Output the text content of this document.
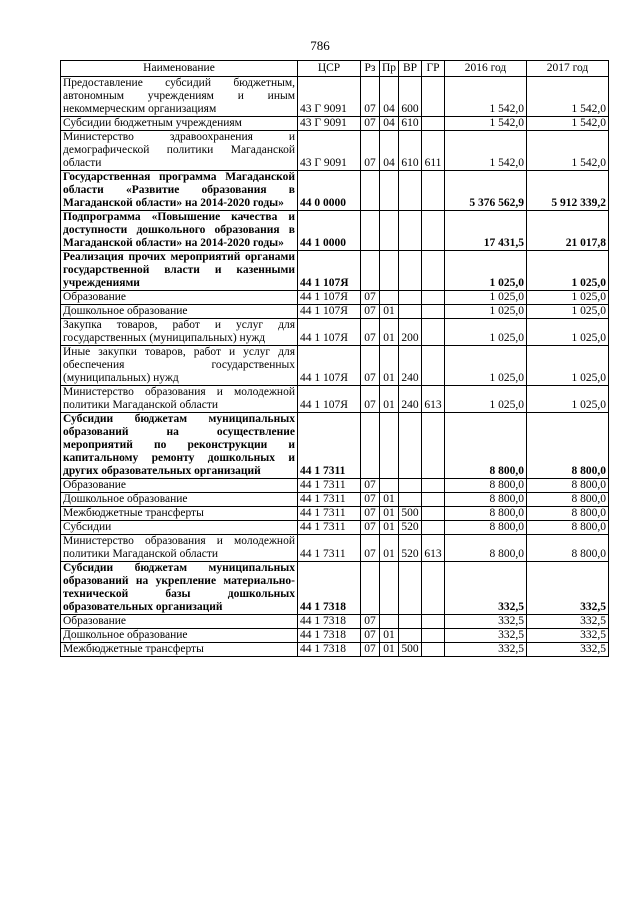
786
Наименование	ЦСР	Рз	Пр	ВР	ГР	2016 год	2017 год
Предоставление субсидий бюджетным, автономным учреждениям и иным некоммерческим организациям	43 Г 9091	07	04	600		1 542,0	1 542,0
Субсидии бюджетным учреждениям	43 Г 9091	07	04	610		1 542,0	1 542,0
Министерство здравоохранения и демографической политики Магаданской области	43 Г 9091	07	04	610	611	1 542,0	1 542,0
Государственная программа Магаданской области «Развитие образования в Магаданской области» на 2014-2020 годы»	44 0 0000					5 376 562,9	5 912 339,2
Подпрограмма «Повышение качества и доступности дошкольного образования в Магаданской области» на 2014-2020 годы»	44 1 0000					17 431,5	21 017,8
Реализация прочих мероприятий органами государственной власти и казенными учреждениями	44 1 107Я					1 025,0	1 025,0
Образование	44 1 107Я	07				1 025,0	1 025,0
Дошкольное образование	44 1 107Я	07	01			1 025,0	1 025,0
Закупка товаров, работ и услуг для государственных (муниципальных) нужд	44 1 107Я	07	01	200		1 025,0	1 025,0
Иные закупки товаров, работ и услуг для обеспечения государственных (муниципальных) нужд	44 1 107Я	07	01	240		1 025,0	1 025,0
Министерство образования и молодежной политики Магаданской области	44 1 107Я	07	01	240	613	1 025,0	1 025,0
Субсидии бюджетам муниципальных образований на осуществление мероприятий по реконструкции и капитальному ремонту дошкольных и других образовательных организаций	44 1 7311					8 800,0	8 800,0
Образование	44 1 7311	07				8 800,0	8 800,0
Дошкольное образование	44 1 7311	07	01			8 800,0	8 800,0
Межбюджетные трансферты	44 1 7311	07	01	500		8 800,0	8 800,0
Субсидии	44 1 7311	07	01	520		8 800,0	8 800,0
Министерство образования и молодежной политики Магаданской области	44 1 7311	07	01	520	613	8 800,0	8 800,0
Субсидии бюджетам муниципальных образований на укрепление материально-технической базы дошкольных образовательных организаций	44 1 7318					332,5	332,5
Образование	44 1 7318	07				332,5	332,5
Дошкольное образование	44 1 7318	07	01			332,5	332,5
Межбюджетные трансферты	44 1 7318	07	01	500		332,5	332,5
